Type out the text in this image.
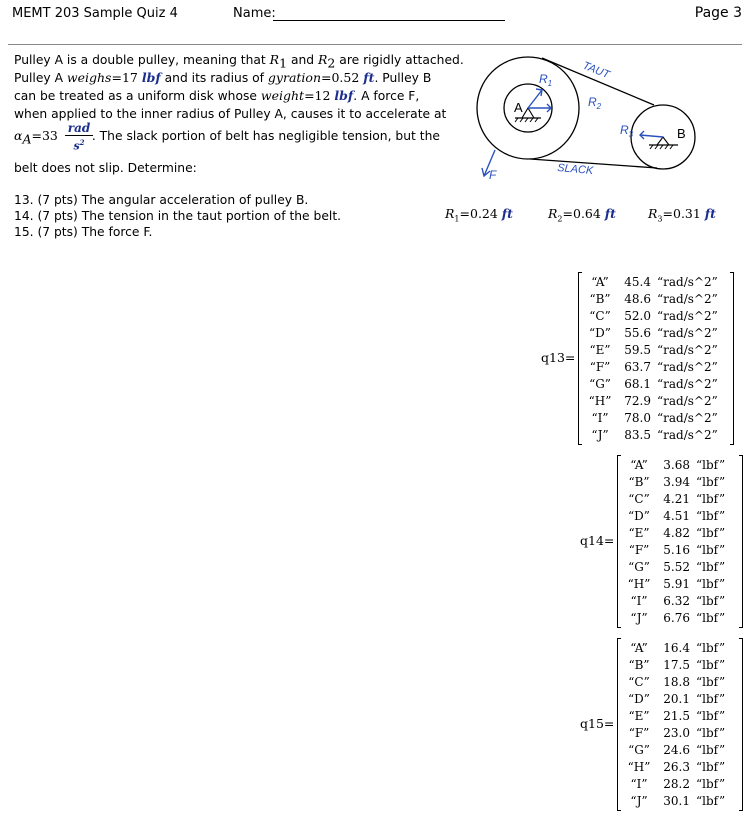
MEMT 203 Sample Quiz 4	Name:	Page 3
Pulley A is a double pulley, meaning that $R_1$ and $R_2$ are rigidly attached.
Pulley A weighs=17 lbf and its radius of gyration=0.52 ft. Pulley B
can be treated as a uniform disk whose weight=12 lbf. A force F,
when applied to the inner radius of Pulley A, causes it to accelerate at
$\alpha_A=33$ . The slack portion of belt has negligible tension, but the
rad
$s^2$
belt does not slip. Determine:
13. (7 pts) The angular acceleration of pulley B.
14. (7 pts) The tension in the taut portion of the belt.
15. (7 pts) The force F.
A
B
$R_1$
$R_2$
$R_3$
TAUT
SLACK
F
$R_1=0.24$ ft	$R_2=0.64$ ft	$R_3=0.31$ ft
q13=
“A” 45.4 “rad/s^2”
“B” 48.6 “rad/s^2”
“C” 52.0 “rad/s^2”
“D” 55.6 “rad/s^2”
“E” 59.5 “rad/s^2”
“F” 63.7 “rad/s^2”
“G” 68.1 “rad/s^2”
“H” 72.9 “rad/s^2”
“I” 78.0 “rad/s^2”
“J” 83.5 “rad/s^2”
q14=
“A” 3.68 “lbf”
“B” 3.94 “lbf”
“C” 4.21 “lbf”
“D” 4.51 “lbf”
“E” 4.82 “lbf”
“F” 5.16 “lbf”
“G” 5.52 “lbf”
“H” 5.91 “lbf”
“I” 6.32 “lbf”
“J” 6.76 “lbf”
q15=
“A” 16.4 “lbf”
“B” 17.5 “lbf”
“C” 18.8 “lbf”
“D” 20.1 “lbf”
“E” 21.5 “lbf”
“F” 23.0 “lbf”
“G” 24.6 “lbf”
“H” 26.3 “lbf”
“I” 28.2 “lbf”
“J” 30.1 “lbf”
